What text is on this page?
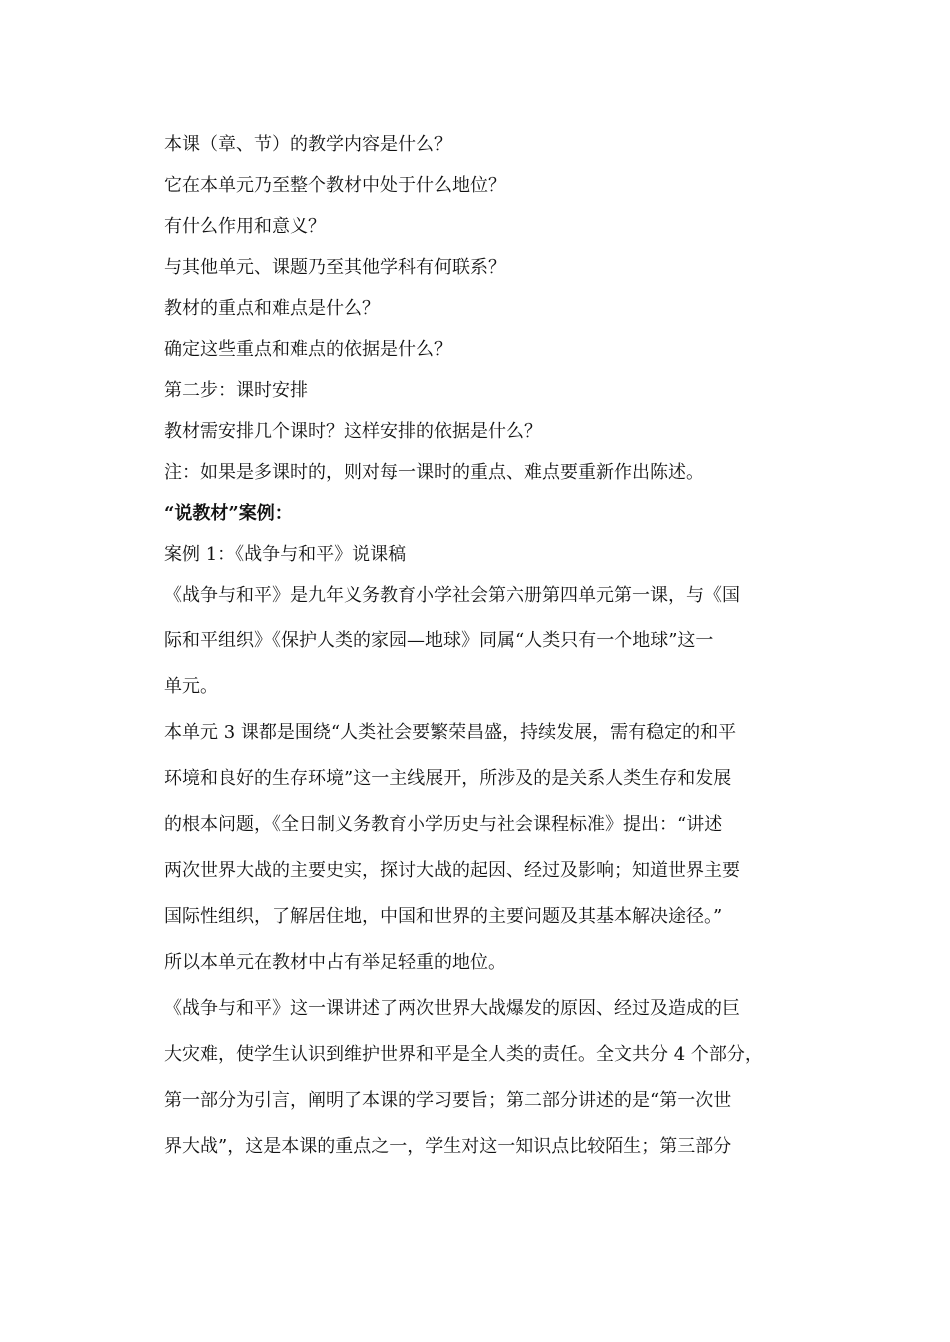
本课（章、节）的教学内容是什么？
它在本单元乃至整个教材中处于什么地位？
有什么作用和意义？
与其他单元、课题乃至其他学科有何联系？
教材的重点和难点是什么？
确定这些重点和难点的依据是什么？
第二步：课时安排
教材需安排几个课时？这样安排的依据是什么？
注：如果是多课时的，则对每一课时的重点、难点要重新作出陈述。
“说教材”案例：
案例 1：《战争与和平》说课稿
《战争与和平》是九年义务教育小学社会第六册第四单元第一课，与《国
际和平组织》《保护人类的家园—地球》同属“人类只有一个地球”这一
单元。
本单元 3 课都是围绕“人类社会要繁荣昌盛，持续发展，需有稳定的和平
环境和良好的生存环境”这一主线展开，所涉及的是关系人类生存和发展
的根本问题，《全日制义务教育小学历史与社会课程标准》提出：“讲述
两次世界大战的主要史实，探讨大战的起因、经过及影响；知道世界主要
国际性组织，了解居住地，中国和世界的主要问题及其基本解决途径。”
所以本单元在教材中占有举足轻重的地位。
《战争与和平》这一课讲述了两次世界大战爆发的原因、经过及造成的巨
大灾难，使学生认识到维护世界和平是全人类的责任。全文共分 4 个部分，
第一部分为引言，阐明了本课的学习要旨；第二部分讲述的是“第一次世
界大战”，这是本课的重点之一，学生对这一知识点比较陌生；第三部分
